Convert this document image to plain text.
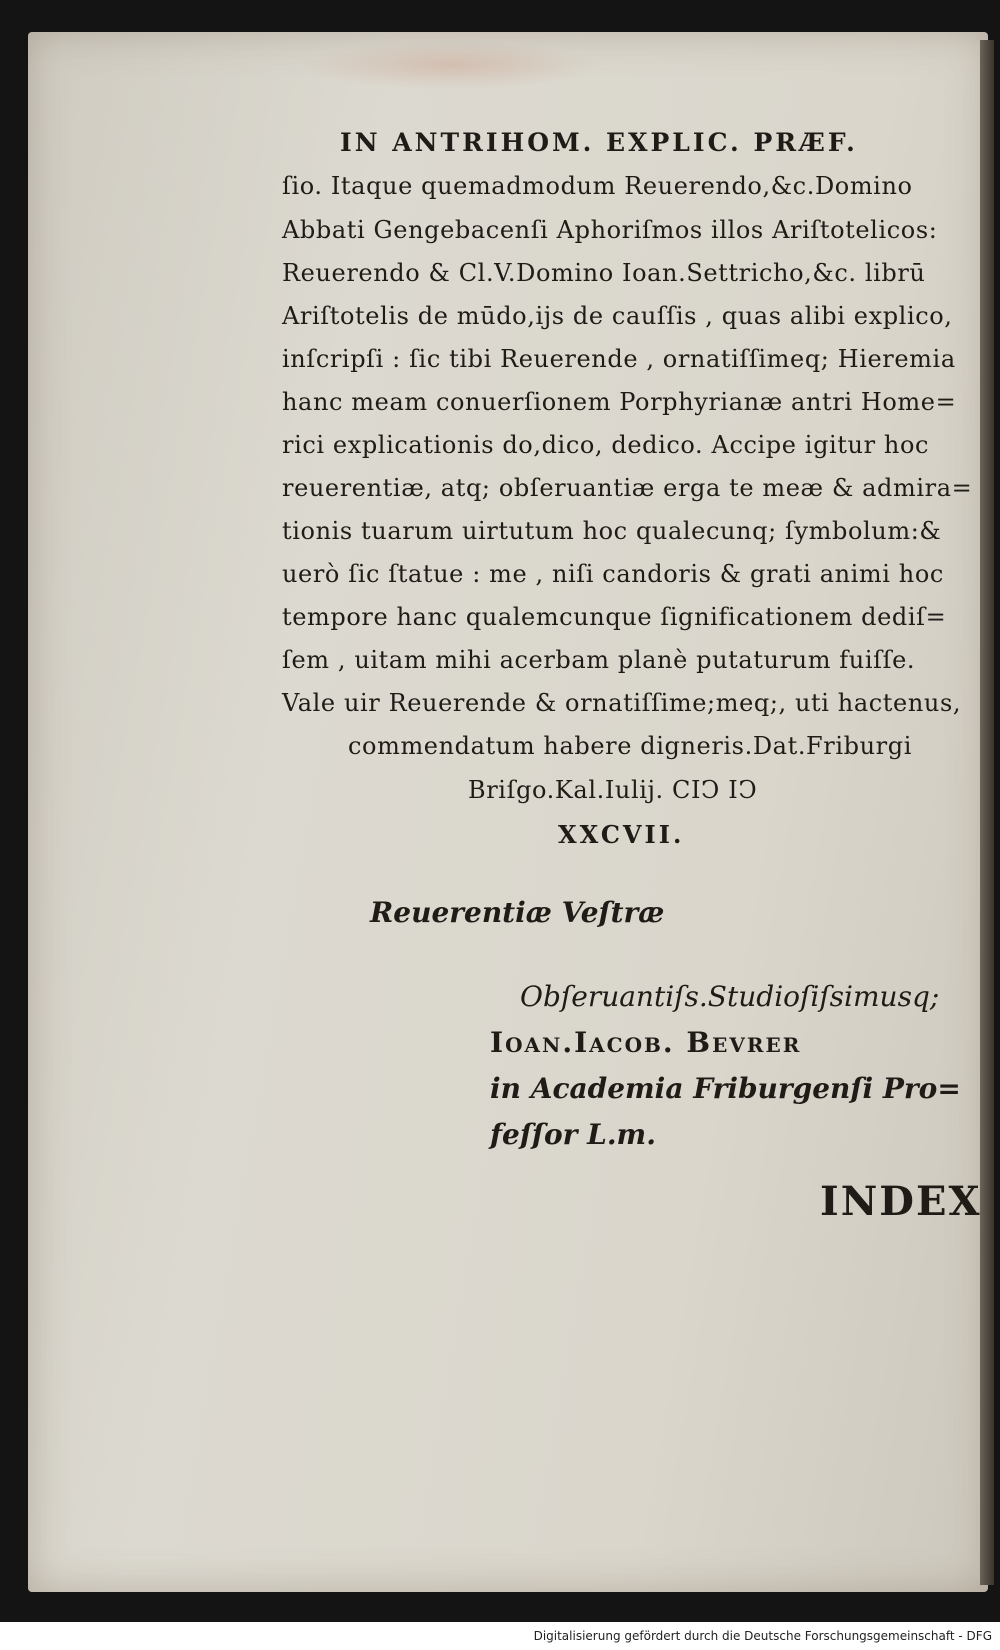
IN ANTRIHOM. EXPLIC. PRÆF.
ſio. Itaque quemadmodum Reuerendo,&c.Domino
Abbati Gengebacenſi Aphoriſmos illos Ariſtotelicos:
Reuerendo & Cl.V.Domino Ioan.Settricho,&c. librū
Ariſtotelis de mūdo,ijs de cauſſis , quas alibi explico,
inſcripſi : ſic tibi Reuerende , ornatiſſimeq; Hieremia
hanc meam conuerſionem Porphyrianæ antri Home=
rici explicationis do,dico, dedico. Accipe igitur hoc
reuerentiæ, atq; obſeruantiæ erga te meæ & admira=
tionis tuarum uirtutum hoc qualecunq; ſymbolum:&
uerò ſic ſtatue : me , niſi candoris & grati animi hoc
tempore hanc qualemcunque ſignificationem dediſ=
ſem , uitam mihi acerbam planè putaturum fuiſſe.
Vale uir Reuerende & ornatiſſime;meq;, uti hactenus,
commendatum habere digneris.Dat.Friburgi
Briſgo.Kal.Iulij. CIↃ IↃ
XXCVII.
Reuerentiæ Veſtræ
Obſeruantiſs.Studioſiſsimusq;
Ioan.Iacob. Bevrer
in Academia Friburgenſi Pro=
feſſor L.m.
INDEX
Digitalisierung gefördert durch die Deutsche Forschungsgemeinschaft - DFG
